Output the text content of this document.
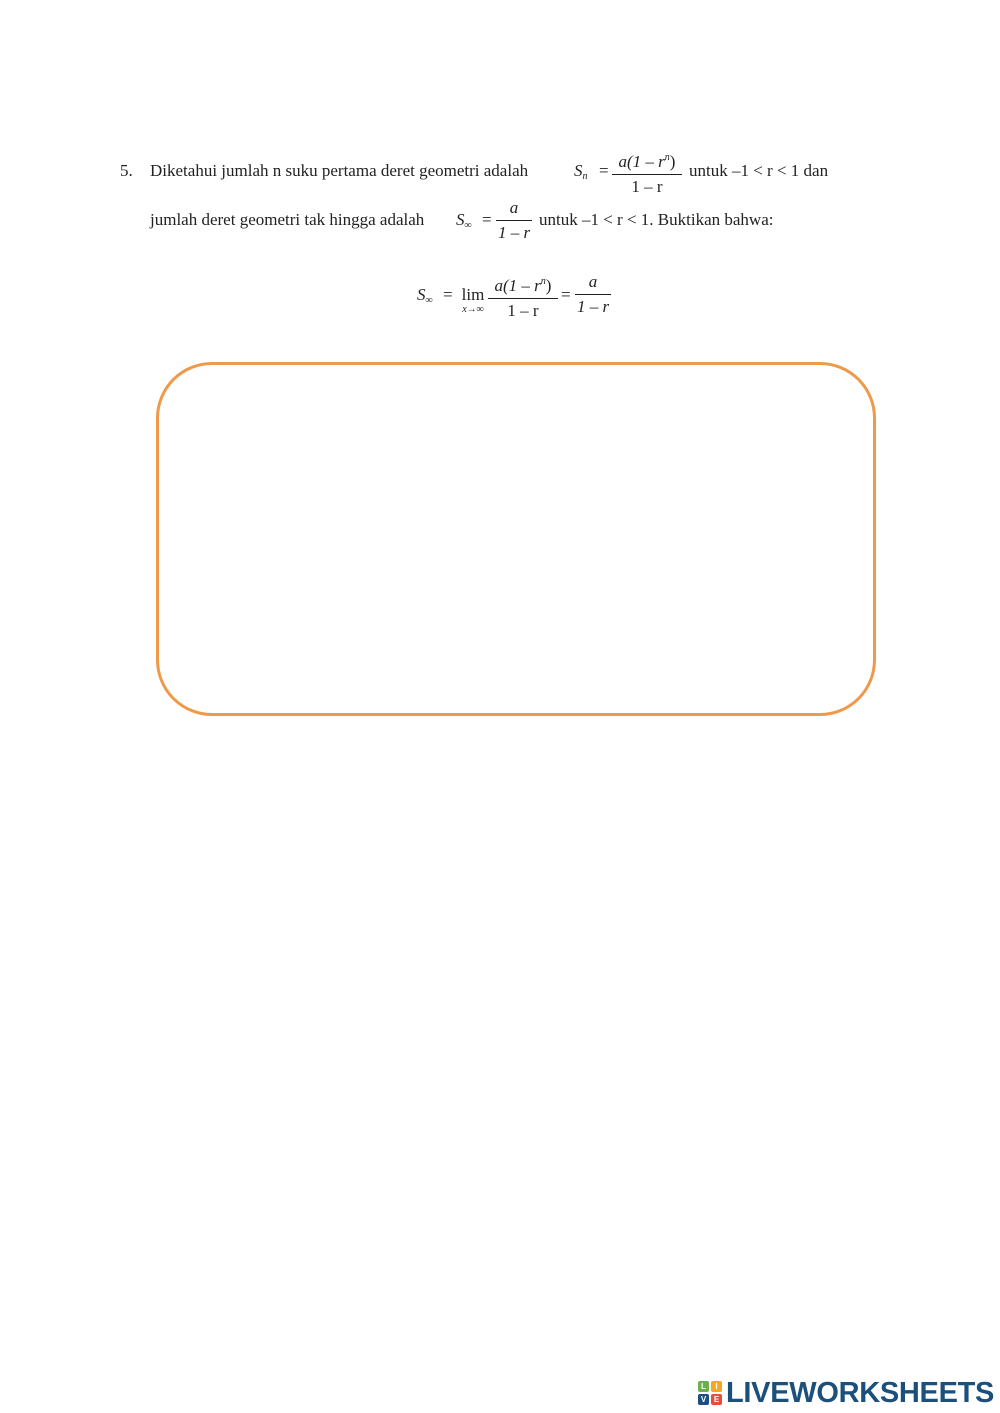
5. Diketahui jumlah n suku pertama deret geometri adalah	$S_n = a(1 - r^n)$
1 – r
untuk –1 < r < 1 dan
jumlah deret geometri tak hingga adalah $S_\infty$ =
a
1 – r
untuk –1 < r < 1. Buktikan bahwa:
$S_\infty = \lim$
x→∞
$a(1 - r^n)$
1 – r
=
a
1 – r
L	I
V E LIVEWORKSHEETS
